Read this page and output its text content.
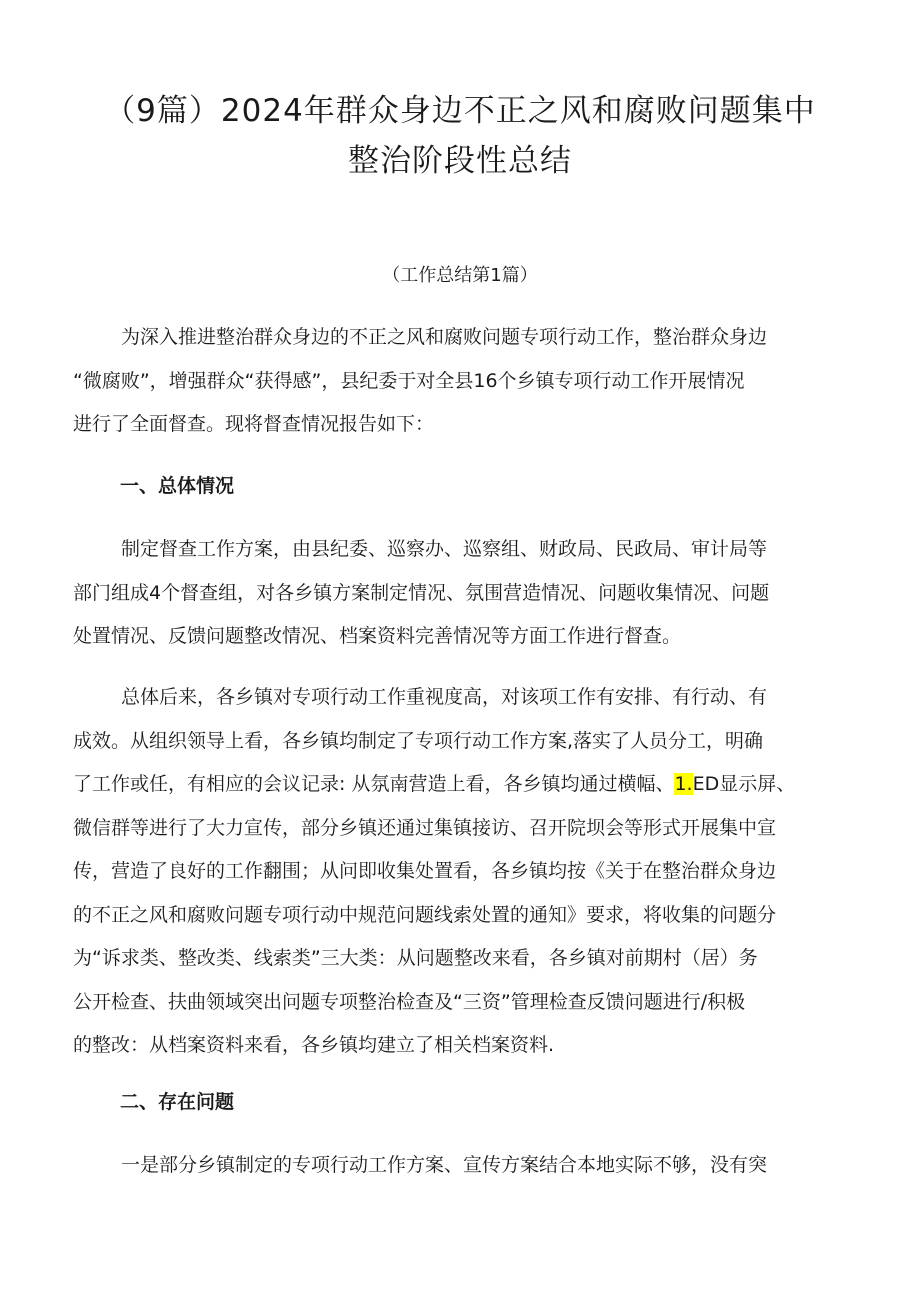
（9篇）2024年群众身边不正之风和腐败问题集中
整治阶段性总结

（工作总结第1篇）

为深入推进整治群众身边的不正之风和腐败问题专项行动工作，整治群众身边
“微腐败”，增强群众“获得感”，县纪委于对全县16个乡镇专项行动工作开展情况
进行了全面督查。现将督查情况报告如下：
一、总体情况
制定督查工作方案，由县纪委、巡察办、巡察组、财政局、民政局、审计局等
部门组成4个督查组，对各乡镇方案制定情况、氛围营造情况、问题收集情况、问题
处置情况、反馈问题整改情况、档案资料完善情况等方面工作进行督查。
总体后来，各乡镇对专项行动工作重视度高，对该项工作有安排、有行动、有
成效。从组织领导上看，各乡镇均制定了专项行动工作方案,落实了人员分工，明确
了工作或任，有相应的会议记录: 从氛南营造上看，各乡镇均通过横幅、1.ED显示屏、
微信群等进行了大力宣传，部分乡镇还通过集镇接访、召开院坝会等形式开展集中宣
传，营造了良好的工作翻围；从问即收集处置看，各乡镇均按《关于在整治群众身边
的不正之风和腐败问题专项行动中规范问题线索处置的通知》要求，将收集的问题分
为“诉求类、整改类、线索类”三大类：从问题整改来看，各乡镇对前期村（居）务
公开检查、扶曲领域突出问题专项整治检查及“三资”管理检查反馈问题进行/积极
的整改：从档案资料来看，各乡镇均建立了相关档案资料.
二、存在问题
一是部分乡镇制定的专项行动工作方案、宣传方案结合本地实际不够，没有突
